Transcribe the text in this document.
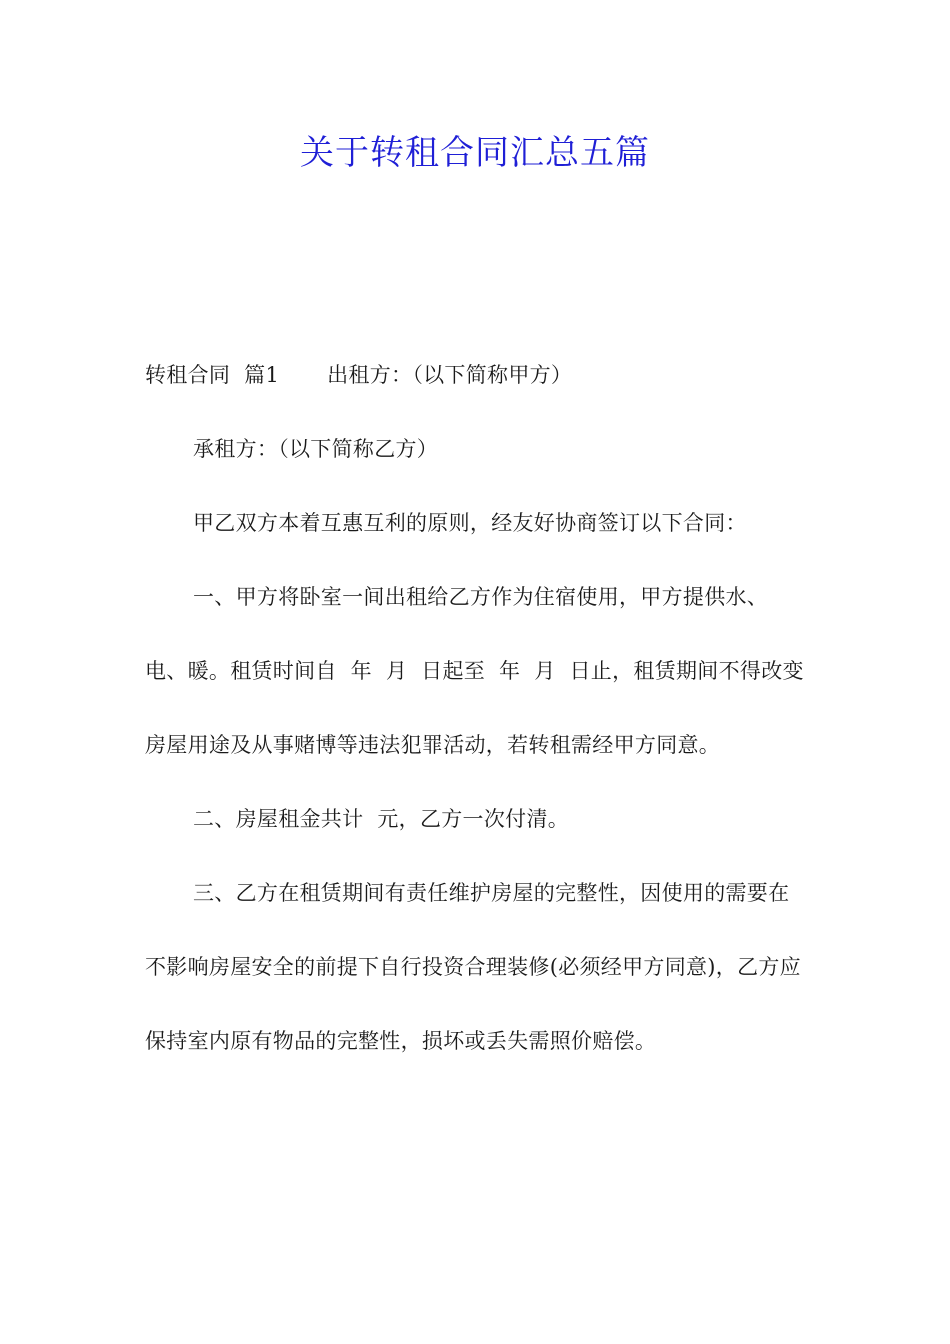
关于转租合同汇总五篇

转租合同  篇1 出租方：（以下简称甲方）

承租方：（以下简称乙方）

甲乙双方本着互惠互利的原则，经友好协商签订以下合同：

一、甲方将卧室一间出租给乙方作为住宿使用，甲方提供水、电、暖。租赁时间自  年  月  日起至  年  月  日止，租赁期间不得改变房屋用途及从事赌博等违法犯罪活动，若转租需经甲方同意。

二、房屋租金共计  元，乙方一次付清。

三、乙方在租赁期间有责任维护房屋的完整性，因使用的需要在不影响房屋安全的前提下自行投资合理装修(必须经甲方同意)，乙方应保持室内原有物品的完整性，损坏或丢失需照价赔偿。
